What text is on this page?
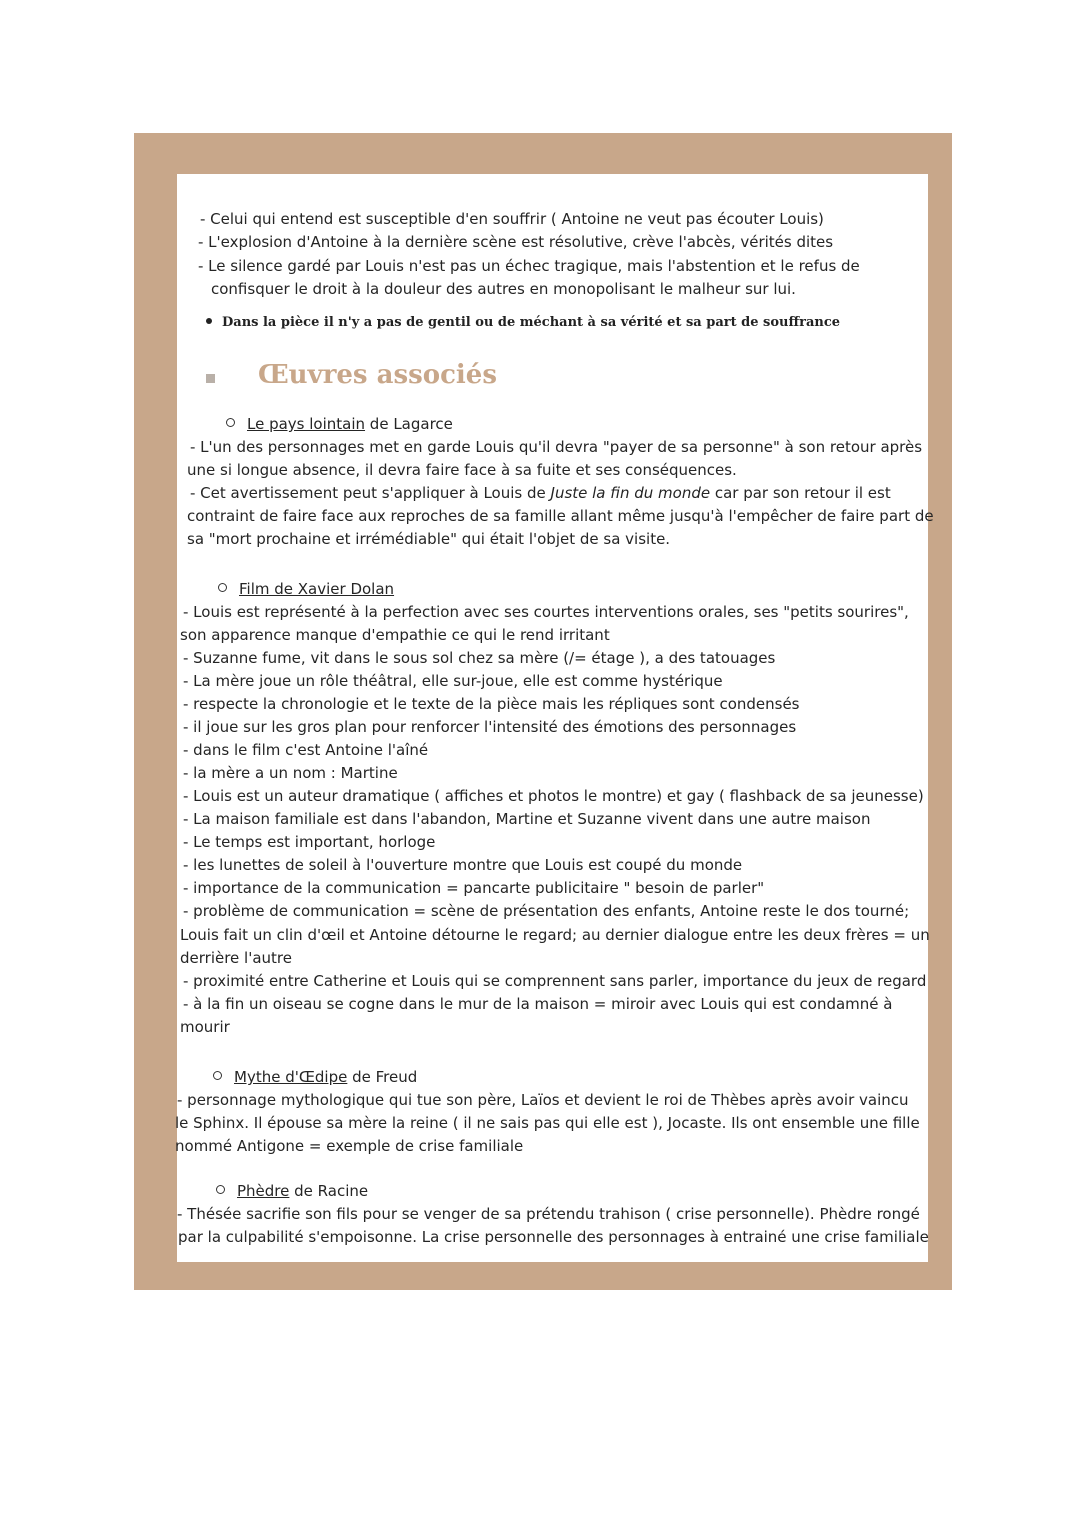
- Celui qui entend est susceptible d'en souffrir ( Antoine ne veut pas écouter Louis)
- L'explosion d'Antoine à la dernière scène est résolutive, crève l'abcès, vérités dites
- Le silence gardé par Louis n'est pas un échec tragique, mais l'abstention et le refus de
confisquer le droit à la douleur des autres en monopolisant le malheur sur lui.
Dans la pièce il n'y a pas de gentil ou de méchant à sa vérité et sa part de souffrance
Œuvres associés
Le pays lointain de Lagarce
- L'un des personnages met en garde Louis qu'il devra "payer de sa personne" à son retour après
une si longue absence, il devra faire face à sa fuite et ses conséquences.
- Cet avertissement peut s'appliquer à Louis de Juste la fin du monde car par son retour il est
contraint de faire face aux reproches de sa famille allant même jusqu'à l'empêcher de faire part de
sa "mort prochaine et irrémédiable" qui était l'objet de sa visite.
Film de Xavier Dolan
- Louis est représenté à la perfection avec ses courtes interventions orales, ses "petits sourires",
son apparence manque d'empathie ce qui le rend irritant
- Suzanne fume, vit dans le sous sol chez sa mère (/= étage ), a des tatouages
- La mère joue un rôle théâtral, elle sur-joue, elle est comme hystérique
- respecte la chronologie et le texte de la pièce mais les répliques sont condensés
- il joue sur les gros plan pour renforcer l'intensité des émotions des personnages
- dans le film c'est Antoine l'aîné
- la mère a un nom : Martine
- Louis est un auteur dramatique ( affiches et photos le montre) et gay ( flashback de sa jeunesse)
- La maison familiale est dans l'abandon, Martine et Suzanne vivent dans une autre maison
- Le temps est important, horloge
- les lunettes de soleil à l'ouverture montre que Louis est coupé du monde
- importance de la communication = pancarte publicitaire " besoin de parler"
- problème de communication = scène de présentation des enfants, Antoine reste le dos tourné;
Louis fait un clin d'œil et Antoine détourne le regard; au dernier dialogue entre les deux frères = un
derrière l'autre
- proximité entre Catherine et Louis qui se comprennent sans parler, importance du jeux de regard
- à la fin un oiseau se cogne dans le mur de la maison = miroir avec Louis qui est condamné à
mourir
Mythe d'Œdipe de Freud
- personnage mythologique qui tue son père, Laïos et devient le roi de Thèbes après avoir vaincu
le Sphinx. Il épouse sa mère la reine ( il ne sais pas qui elle est ), Jocaste. Ils ont ensemble une fille
nommé Antigone = exemple de crise familiale
Phèdre de Racine
- Thésée sacrifie son fils pour se venger de sa prétendu trahison ( crise personnelle). Phèdre rongé
par la culpabilité s'empoisonne. La crise personnelle des personnages à entrainé une crise familiale
